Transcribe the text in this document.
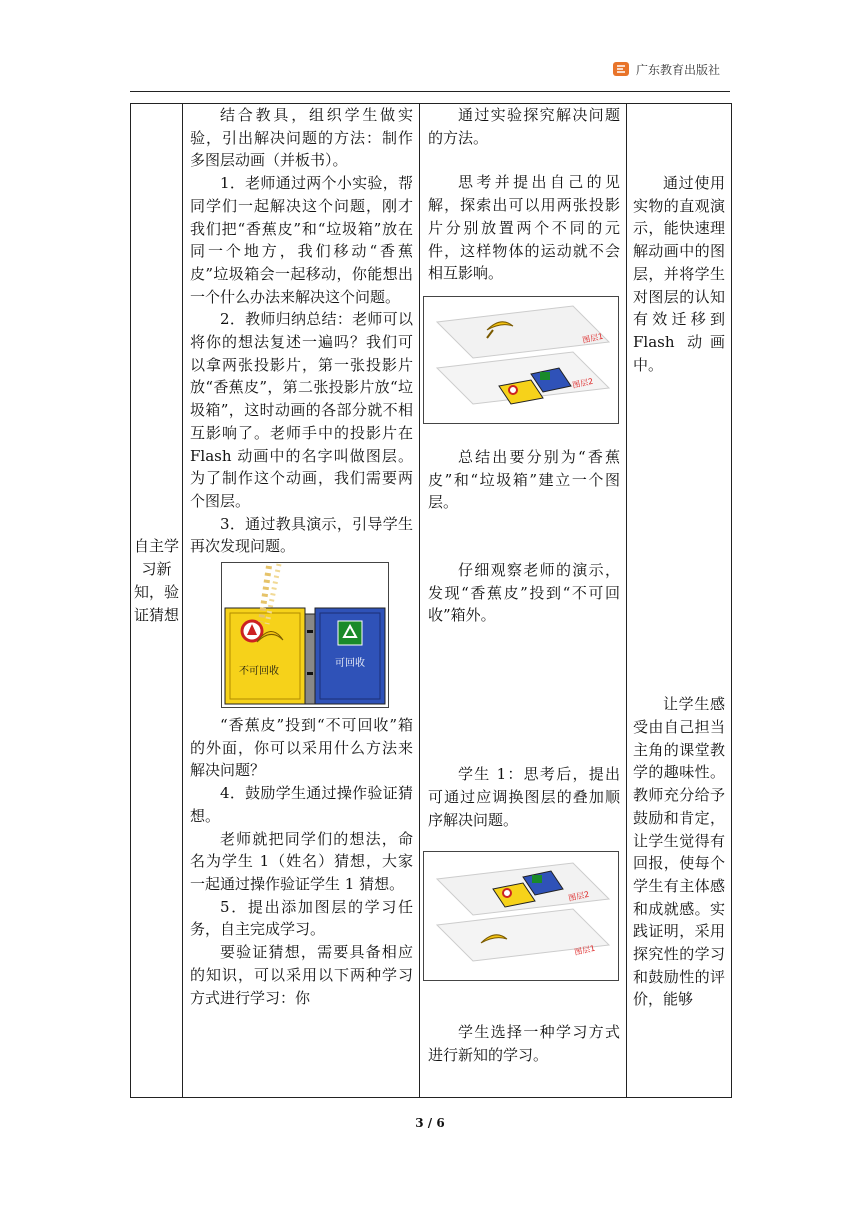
广东教育出版社
自主学习新知，验证猜想

结合教具，组织学生做实验，引出解决问题的方法：制作多图层动画（并板书）。
1．老师通过两个小实验，帮同学们一起解决这个问题，刚才我们把“香蕉皮”和“垃圾箱”放在同一个地方，我们移动“香蕉皮”垃圾箱会一起移动，你能想出一个什么办法来解决这个问题。
2．教师归纳总结：老师可以将你的想法复述一遍吗？我们可以拿两张投影片，第一张投影片放“香蕉皮”，第二张投影片放“垃圾箱”，这时动画的各部分就不相互影响了。老师手中的投影片在 Flash 动画中的名字叫做图层。为了制作这个动画，我们需要两个图层。
3．通过教具演示，引导学生再次发现问题。
不可回收
可回收
“香蕉皮”投到“不可回收”箱的外面，你可以采用什么方法来解决问题？
4．鼓励学生通过操作验证猜想。
老师就把同学们的想法，命名为学生 1（姓名）猜想，大家一起通过操作验证学生 1 猜想。
5．提出添加图层的学习任务，自主完成学习。
要验证猜想，需要具备相应的知识，可以采用以下两种学习方式进行学习：你

通过实验探究解决问题的方法。
思考并提出自己的见解，探索出可以用两张投影片分别放置两个不同的元件，这样物体的运动就不会相互影响。
图层1
图层2
总结出要分别为“香蕉皮”和“垃圾箱”建立一个图层。
仔细观察老师的演示，发现“香蕉皮”投到“不可回收”箱外。
学生 1：思考后，提出可通过应调换图层的叠加顺序解决问题。
图层2
图层1
学生选择一种学习方式进行新知的学习。

通过使用实物的直观演示，能快速理解动画中的图层，并将学生对图层的认知有效迁移到 Flash 动画中。
让学生感受由自己担当主角的课堂教学的趣味性。教师充分给予鼓励和肯定，让学生觉得有回报，使每个学生有主体感和成就感。实践证明，采用探究性的学习和鼓励性的评价，能够
3 / 6
